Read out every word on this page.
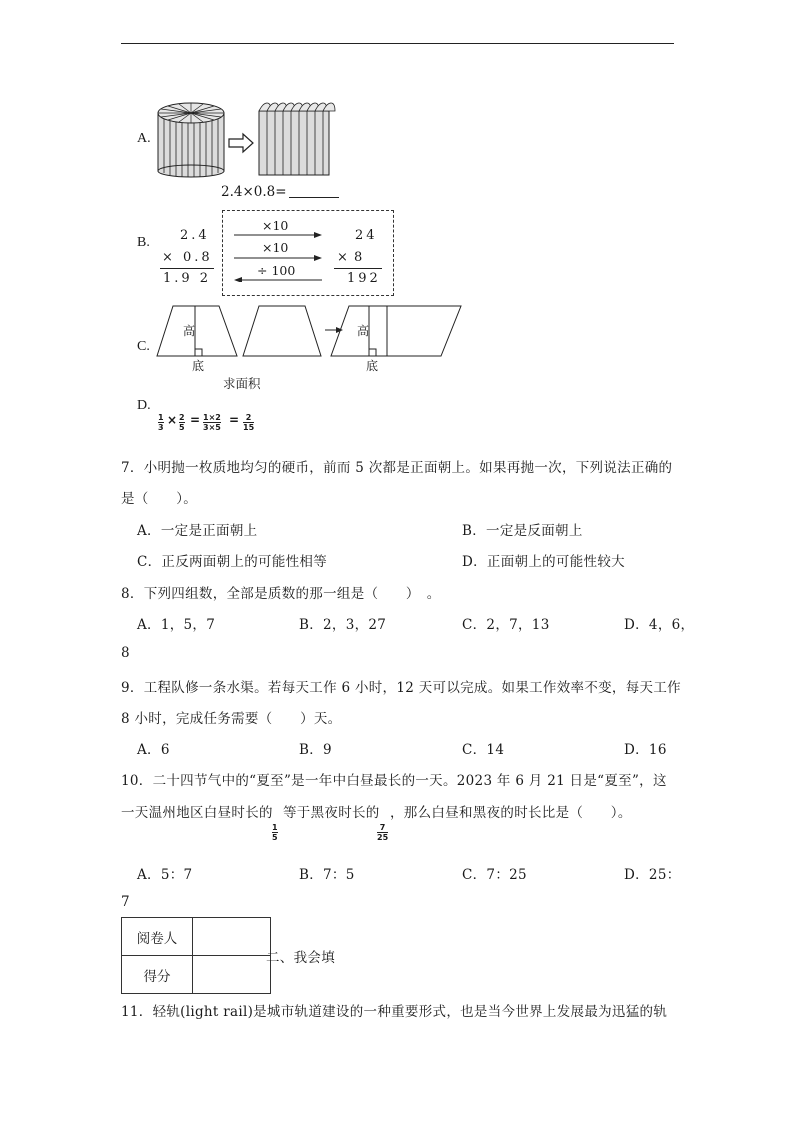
A.
2.4×0.8=
B. 2.4
× 0.8
1.9 2
×10
×10
÷ 100
24
× 8
192
C.
高
底
求面积
高
底
D.
1
3
× 2
5
= 1×2
3×5
= 2
15
7．小明抛一枚质地均匀的硬币，前而 5 次都是正面朝上。如果再抛一次，下列说法正确的
是（　　）。
A．一定是正面朝上	B．一定是反面朝上
C．正反两面朝上的可能性相等	D．正面朝上的可能性较大
8．下列四组数，全部是质数的那一组是（　　）　。
A．1，5，7	B．2，3，27	C．2，7，13	D．4，6，
8
9．工程队修一条水渠。若每天工作 6 小时，12 天可以完成。如果工作效率不变，每天工作
8 小时，完成任务需要（　　）天。
A．6	B．9	C．14	D．16
10．二十四节气中的“夏至”是一年中白昼最长的一天。2023 年 6 月 21 日是“夏至”，这
一天温州地区白昼时长的 等于黑夜时长的 ，那么白昼和黑夜的时长比是（　　）。
1
5
7
25
A．5：7	B．7：5	C．7：25	D．25：
7
阅卷人	
得分	
二、我会填
11．轻轨(light rail)是城市轨道建设的一种重要形式，也是当今世界上发展最为迅猛的轨
